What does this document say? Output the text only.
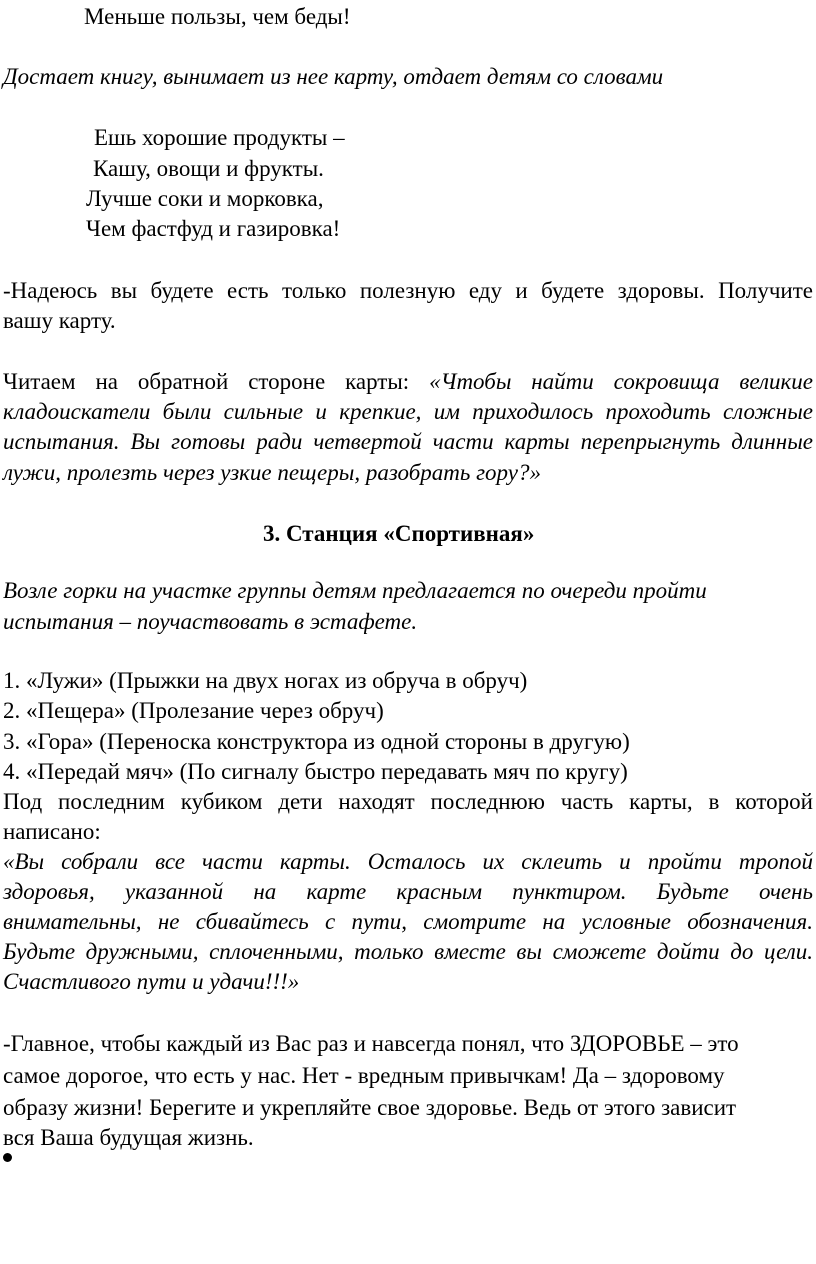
Меньше пользы, чем беды!
Достает книгу, вынимает из нее карту, отдает детям со словами
Ешь хорошие продукты –
Кашу, овощи и фрукты.
Лучше соки и морковка,
Чем фастфуд и газировка!
-Надеюсь вы будете есть только полезную еду и будете здоровы. Получите
вашу карту.
Читаем на обратной стороне карты: «Чтобы найти сокровища великие
кладоискатели были сильные и крепкие, им приходилось проходить сложные
испытания. Вы готовы ради четвертой части карты перепрыгнуть длинные
лужи, пролезть через узкие пещеры, разобрать гору?»
3. Станция «Спортивная»
Возле горки на участке группы детям предлагается по очереди пройти
испытания – поучаствовать в эстафете.
1. «Лужи» (Прыжки на двух ногах из обруча в обруч)
2. «Пещера» (Пролезание через обруч)
3. «Гора» (Переноска конструктора из одной стороны в другую)
4. «Передай мяч» (По сигналу быстро передавать мяч по кругу)
Под последним кубиком дети находят последнюю часть карты, в которой
написано:
«Вы собрали все части карты. Осталось их склеить и пройти тропой
здоровья, указанной на карте красным пунктиром. Будьте очень
внимательны, не сбивайтесь с пути, смотрите на условные обозначения.
Будьте дружными, сплоченными, только вместе вы сможете дойти до цели.
Счастливого пути и удачи!!!»
-Главное, чтобы каждый из Вас раз и навсегда понял, что ЗДОРОВЬЕ – это
самое дорогое, что есть у нас. Нет - вредным привычкам! Да – здоровому
образу жизни! Берегите и укрепляйте свое здоровье. Ведь от этого зависит
вся Ваша будущая жизнь.
